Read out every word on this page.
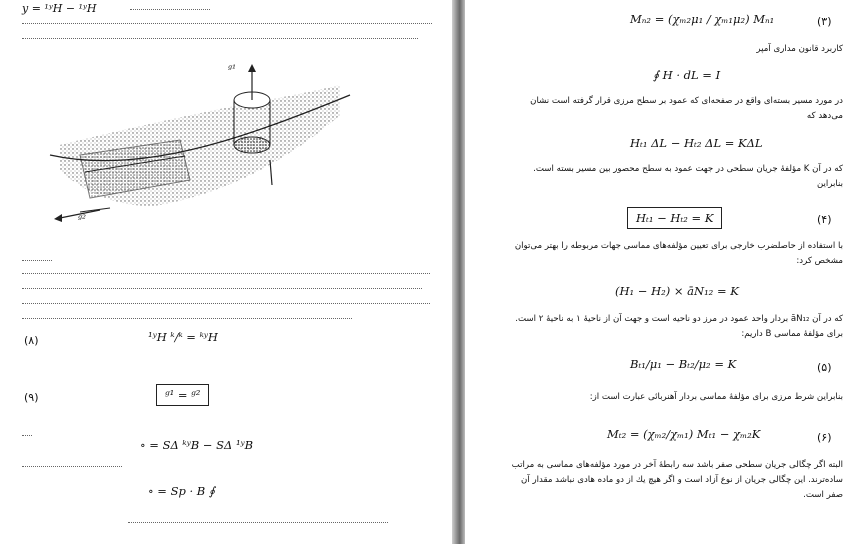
y = ¹ʸH − ¹ʸH
ᵍ¹
ᵍ²
(۸)	¹ʸH ᵏ/ᵏ = ᵏʸH
(۹)	ᵍ¹ = ᵍ²
∘ = SΔ ᵏʸB − SΔ ¹ʸB
∘ = Sp · B ∮
(۳)
Mₙ₂ = (χₘ₂μ₁ / χₘ₁μ₂) Mₙ₁
کاربرد قانون مداری آمپر
∮ H · dL = I
در مورد مسیر بسته‌ای واقع در صفحه‌ای که عمود بر سطح مرزی قرار گرفته است نشان می‌دهد که
Hₜ₁ ΔL − Hₜ₂ ΔL = KΔL
که در آن K مؤلفهٔ جریان سطحی در جهت عمود به سطح محصور بین مسیر بسته است. بنابراین
(۴)
Hₜ₁ − Hₜ₂ = K
با استفاده از حاصلضرب خارجی برای تعیین مؤلفه‌های مماسی جهات مربوطه را بهتر می‌توان مشخص کرد:
(H₁ − H₂) × āN₁₂ = K
که در آن āN₁₂ بردار واحد عمود در مرز دو ناحیه است و جهت آن از ناحیهٔ ۱ به ناحیهٔ ۲ است. برای مؤلفهٔ مماسی B داریم:
(۵)
Bₜ₁/μ₁ − Bₜ₂/μ₂ = K
بنابراین شرط مرزی برای مؤلفهٔ مماسی بردار آهنربائی عبارت است از:
(۶)
Mₜ₂ = (χₘ₂/χₘ₁) Mₜ₁ − χₘ₂K
البته اگر چگالی جریان سطحی صفر باشد سه رابطهٔ آخر در مورد مؤلفه‌های مماسی به مراتب ساده‌ترند. این چگالی جریان از نوع آزاد است و اگر هیچ یك از دو ماده هادی نباشد مقدار آن صفر است.
